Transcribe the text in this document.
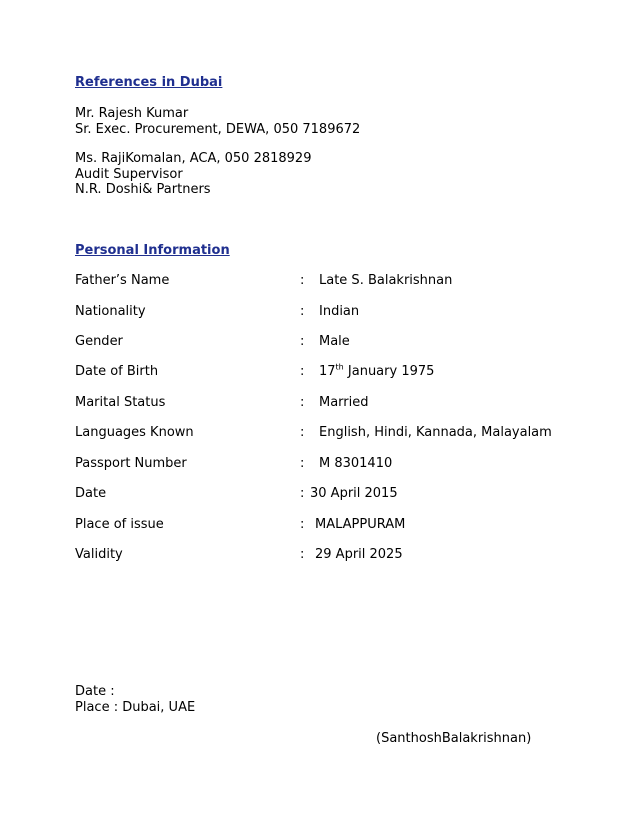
References in Dubai
Mr. Rajesh Kumar
Sr. Exec. Procurement, DEWA, 050 7189672
Ms. RajiKomalan, ACA, 050 2818929
Audit Supervisor
N.R. Doshi& Partners
Personal Information
Father’s Name	: Late S. Balakrishnan
Nationality	: Indian
Gender	: Male
Date of Birth	: 17th January 1975
Marital Status	: Married
Languages Known	: English, Hindi, Kannada, Malayalam
Passport Number	: M 8301410
Date	: 30 April 2015
Place of issue	: MALAPPURAM
Validity	: 29 April 2025
Date :
Place : Dubai, UAE
(SanthoshBalakrishnan)
